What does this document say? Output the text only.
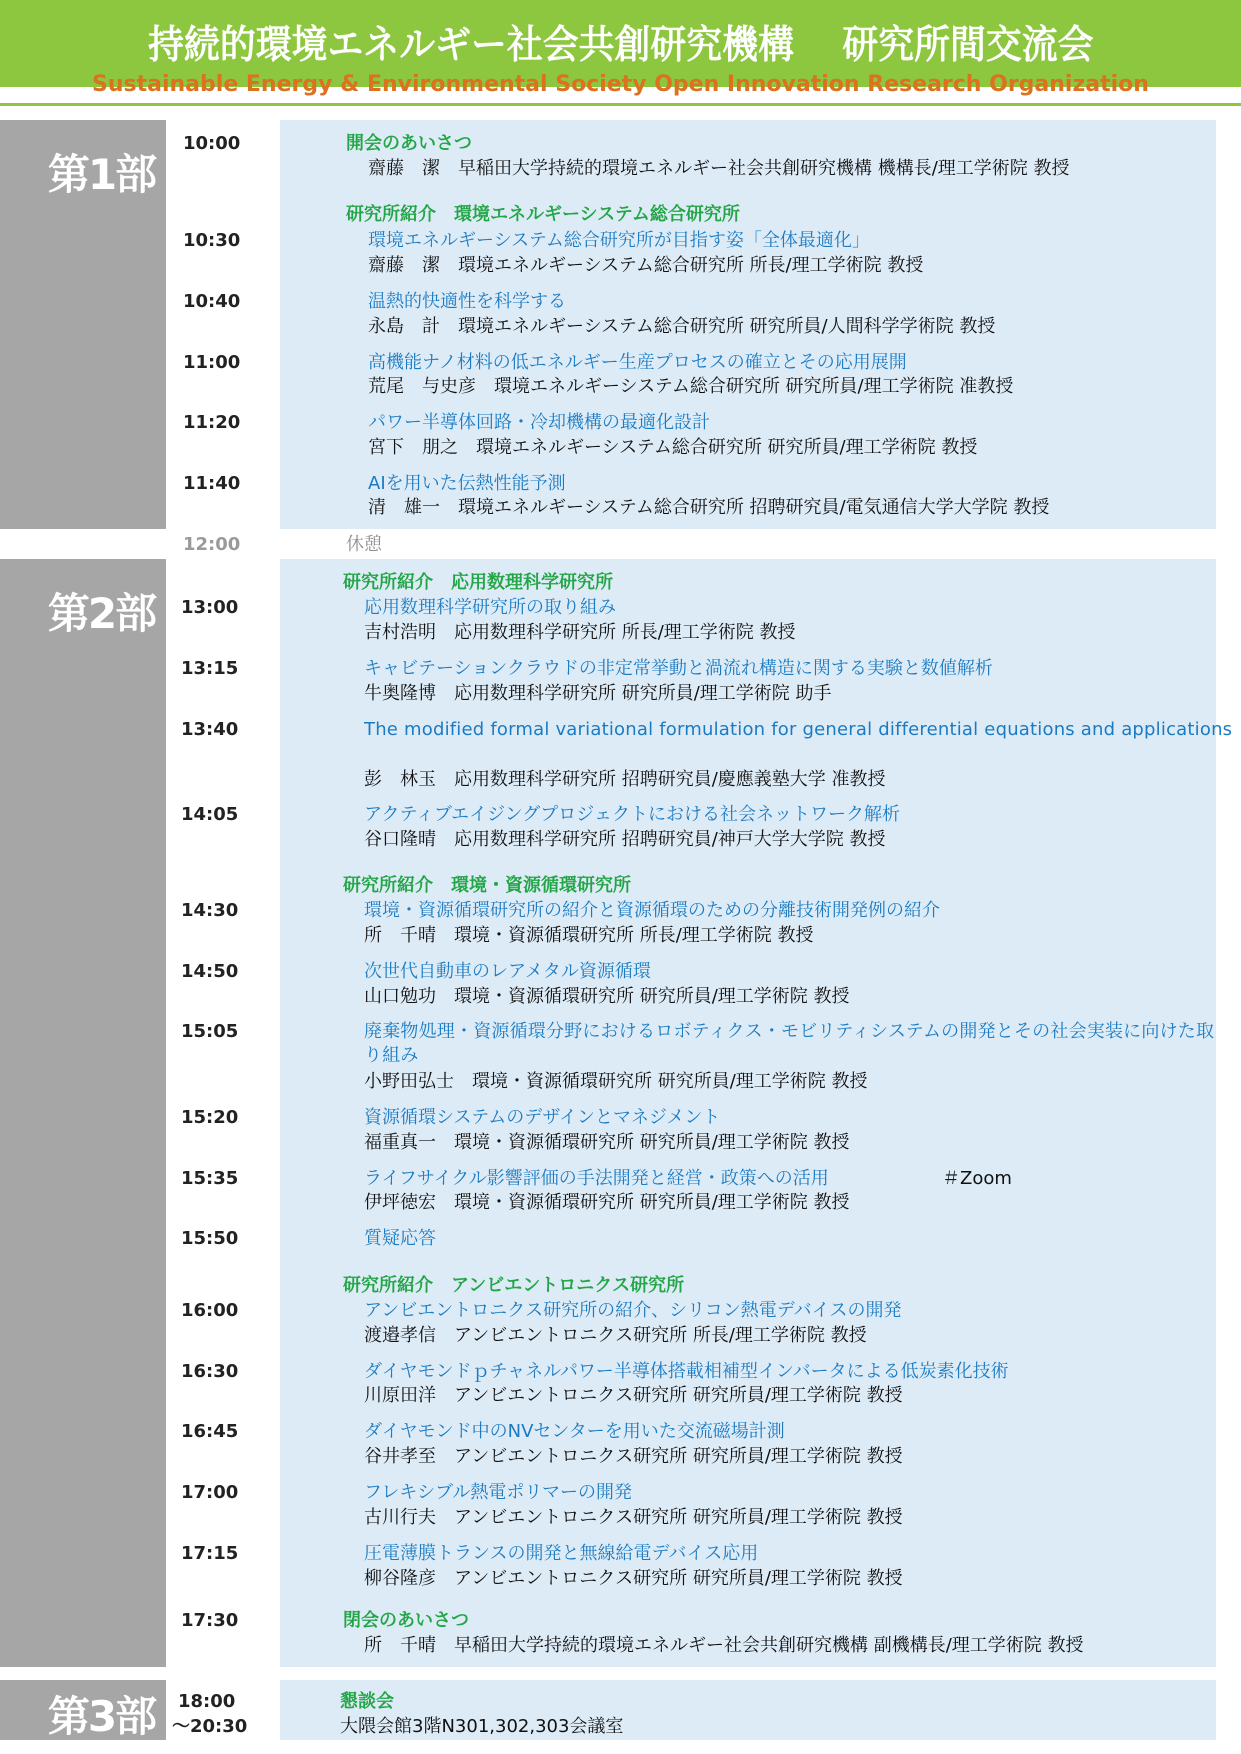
持続的環境エネルギー社会共創研究機構　 研究所間交流会
Sustainable Energy & Environmental Society Open Innovation Research Organization
第1部
10:00	開会のあいさつ
齋藤　潔　早稲田大学持続的環境エネルギー社会共創研究機構 機構長/理工学術院 教授
研究所紹介　環境エネルギーシステム総合研究所
10:30	環境エネルギーシステム総合研究所が目指す姿「全体最適化」
齋藤　潔　環境エネルギーシステム総合研究所 所長/理工学術院 教授
10:40	温熱的快適性を科学する
永島　計　環境エネルギーシステム総合研究所 研究所員/人間科学学術院 教授
11:00	高機能ナノ材料の低エネルギー生産プロセスの確立とその応用展開
荒尾　与史彦　環境エネルギーシステム総合研究所 研究所員/理工学術院 准教授
11:20	パワー半導体回路・冷却機構の最適化設計
宮下　朋之　環境エネルギーシステム総合研究所 研究所員/理工学術院 教授
11:40	AIを用いた伝熱性能予測
清　雄一　環境エネルギーシステム総合研究所 招聘研究員/電気通信大学大学院 教授
12:00	休憩
第2部
研究所紹介　応用数理科学研究所
13:00	応用数理科学研究所の取り組み
吉村浩明　応用数理科学研究所 所長/理工学術院 教授
13:15	キャビテーションクラウドの非定常挙動と渦流れ構造に関する実験と数値解析
牛奥隆博　応用数理科学研究所 研究所員/理工学術院 助手
13:40	The modified formal variational formulation for general differential equations and applications
彭　林玉　応用数理科学研究所 招聘研究員/慶應義塾大学 准教授
14:05	アクティブエイジングプロジェクトにおける社会ネットワーク解析
谷口隆晴　応用数理科学研究所 招聘研究員/神戸大学大学院 教授
研究所紹介　環境・資源循環研究所
14:30	環境・資源循環研究所の紹介と資源循環のための分離技術開発例の紹介
所　千晴　環境・資源循環研究所 所長/理工学術院 教授
14:50	次世代自動車のレアメタル資源循環
山口勉功　環境・資源循環研究所 研究所員/理工学術院 教授
15:05	廃棄物処理・資源循環分野におけるロボティクス・モビリティシステムの開発とその社会実装に向けた取り組み
小野田弘士　環境・資源循環研究所 研究所員/理工学術院 教授
15:20	資源循環システムのデザインとマネジメント
福重真一　環境・資源循環研究所 研究所員/理工学術院 教授
15:35	ライフサイクル影響評価の手法開発と経営・政策への活用	＃Zoom
伊坪徳宏　環境・資源循環研究所 研究所員/理工学術院 教授
15:50	質疑応答
研究所紹介　アンビエントロニクス研究所
16:00	アンビエントロニクス研究所の紹介、シリコン熱電デバイスの開発
渡邉孝信　アンビエントロニクス研究所 所長/理工学術院 教授
16:30	ダイヤモンドｐチャネルパワー半導体搭載相補型インバータによる低炭素化技術
川原田洋　アンビエントロニクス研究所 研究所員/理工学術院 教授
16:45	ダイヤモンド中のNVセンターを用いた交流磁場計測
谷井孝至　アンビエントロニクス研究所 研究所員/理工学術院 教授
17:00	フレキシブル熱電ポリマーの開発
古川行夫　アンビエントロニクス研究所 研究所員/理工学術院 教授
17:15	圧電薄膜トランスの開発と無線給電デバイス応用
柳谷隆彦　アンビエントロニクス研究所 研究所員/理工学術院 教授
17:30	閉会のあいさつ
所　千晴　早稲田大学持続的環境エネルギー社会共創研究機構 副機構長/理工学術院 教授
第3部	18:00
～20:30
懇談会
大隈会館3階N301,302,303会議室
